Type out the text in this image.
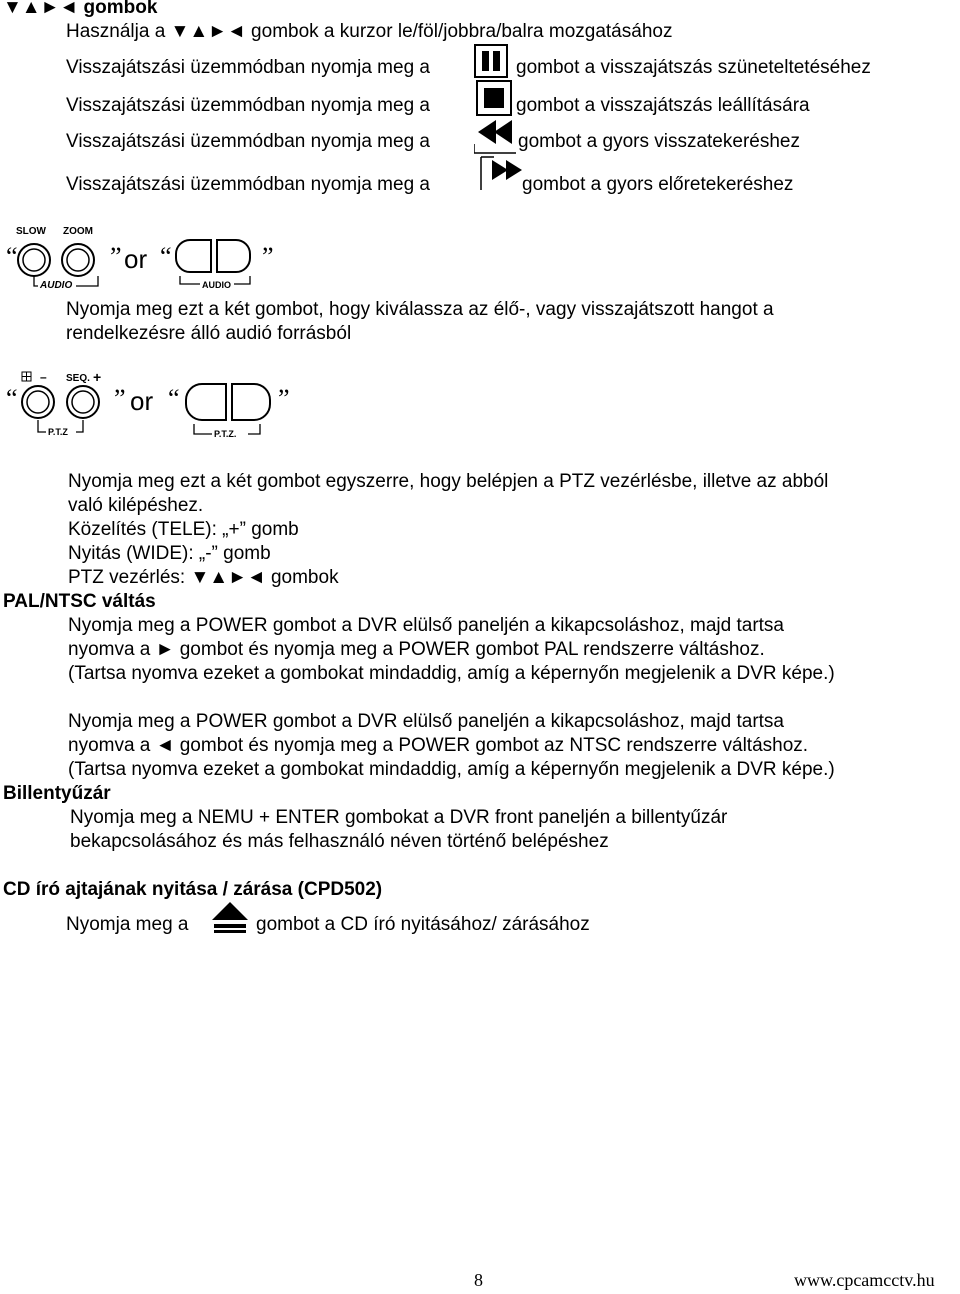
▼▲►◄ gombok
Használja a ▼▲►◄ gombok a kurzor le/föl/jobbra/balra mozgatásához
Visszajátszási üzemmódban nyomja meg a	gombot a visszajátszás szüneteltetéséhez
Visszajátszási üzemmódban nyomja meg a	gombot a visszajátszás leállítására
Visszajátszási üzemmódban nyomja meg a	gombot a gyors visszatekeréshez
Visszajátszási üzemmódban nyomja meg a	gombot a gyors előretekeréshez
SLOW ZOOM
AUDIO
“	” or “
AUDIO
”
Nyomja meg ezt a két gombot, hogy kiválassza az élő-, vagy visszajátszott hangot a
rendelkezésre álló audió forrásból
– SEQ. +
P.T.Z
“	” or “
P.T.Z.
”
Nyomja meg ezt a két gombot egyszerre, hogy belépjen a PTZ vezérlésbe, illetve az abból
való kilépéshez.
Közelítés (TELE): „+” gomb
Nyitás (WIDE): „-” gomb
PTZ vezérlés: ▼▲►◄ gombok
PAL/NTSC váltás
Nyomja meg a POWER gombot a DVR elülső paneljén a kikapcsoláshoz, majd tartsa
nyomva a ► gombot és nyomja meg a POWER gombot PAL rendszerre váltáshoz.
(Tartsa nyomva ezeket a gombokat mindaddig, amíg a képernyőn megjelenik a DVR képe.)
Nyomja meg a POWER gombot a DVR elülső paneljén a kikapcsoláshoz, majd tartsa
nyomva a ◄ gombot és nyomja meg a POWER gombot az NTSC rendszerre váltáshoz.
(Tartsa nyomva ezeket a gombokat mindaddig, amíg a képernyőn megjelenik a DVR képe.)
Billentyűzár
Nyomja meg a NEMU + ENTER gombokat a DVR front paneljén a billentyűzár
bekapcsolásához és más felhasználó néven történő belépéshez
CD író ajtajának nyitása / zárása (CPD502)
Nyomja meg a	gombot a CD író nyitásához/ zárásához
8	www.cpcamcctv.hu
